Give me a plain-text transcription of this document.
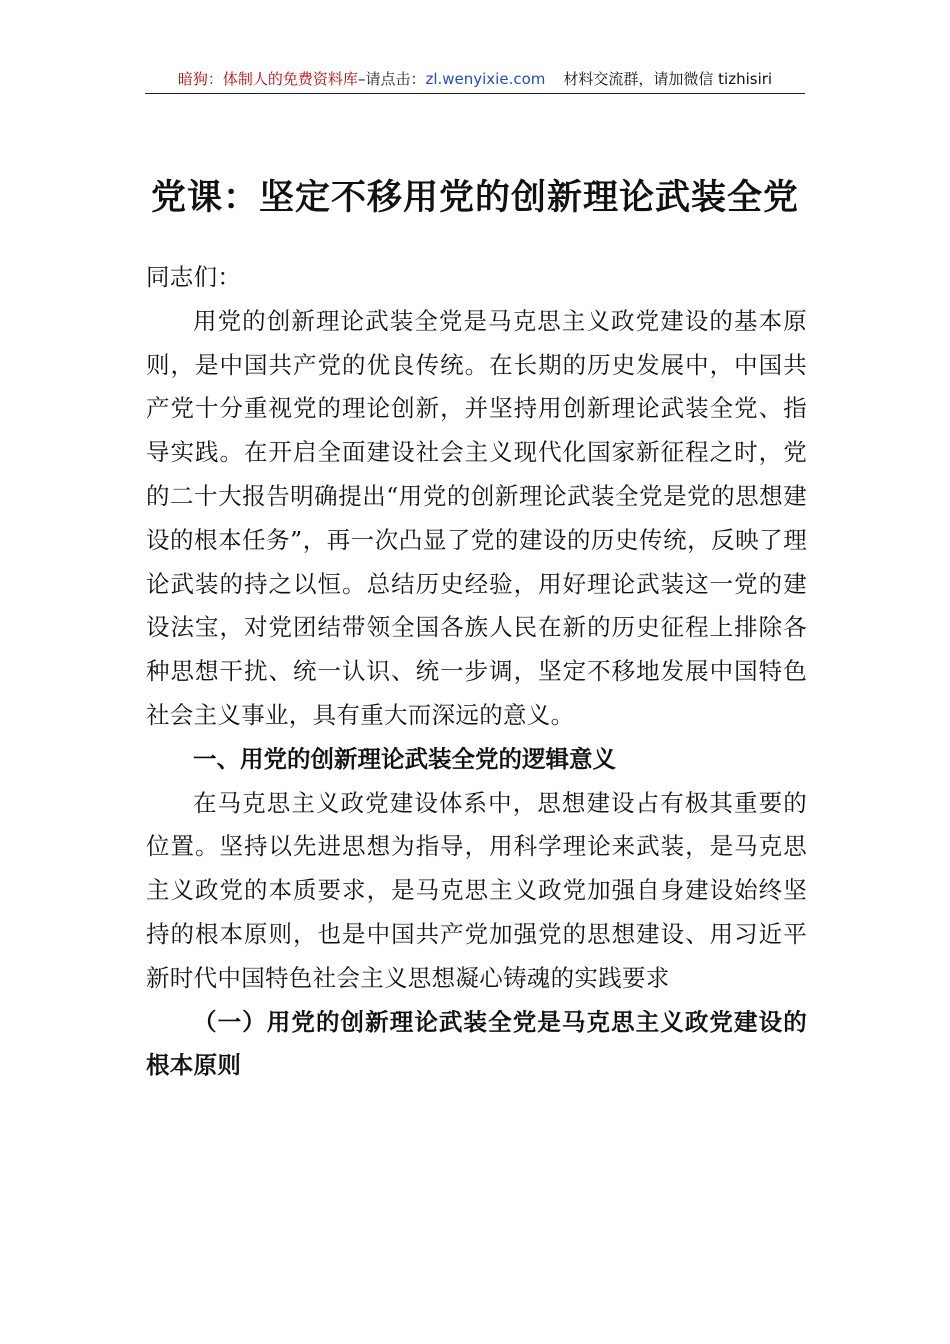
暗狗：体制人的免费资料库 –请点击： zl.wenyixie.com 材料交流群，请加微信 tizhisiri
党课：坚定不移用党的创新理论武装全党

同志们：

用党的创新理论武装全党是马克思主义政党建设的基本原则，是中国共产党的优良传统。在长期的历史发展中，中国共产党十分重视党的理论创新，并坚持用创新理论武装全党、指导实践。在开启全面建设社会主义现代化国家新征程之时，党的二十大报告明确提出“用党的创新理论武装全党是党的思想建设的根本任务”，再一次凸显了党的建设的历史传统，反映了理论武装的持之以恒。总结历史经验，用好理论武装这一党的建设法宝，对党团结带领全国各族人民在新的历史征程上排除各种思想干扰、统一认识、统一步调，坚定不移地发展中国特色社会主义事业，具有重大而深远的意义。

一、用党的创新理论武装全党的逻辑意义

在马克思主义政党建设体系中，思想建设占有极其重要的位置。坚持以先进思想为指导，用科学理论来武装，是马克思主义政党的本质要求，是马克思主义政党加强自身建设始终坚持的根本原则，也是中国共产党加强党的思想建设、用习近平新时代中国特色社会主义思想凝心铸魂的实践要求

（一）用党的创新理论武装全党是马克思主义政党建设的根本原则
